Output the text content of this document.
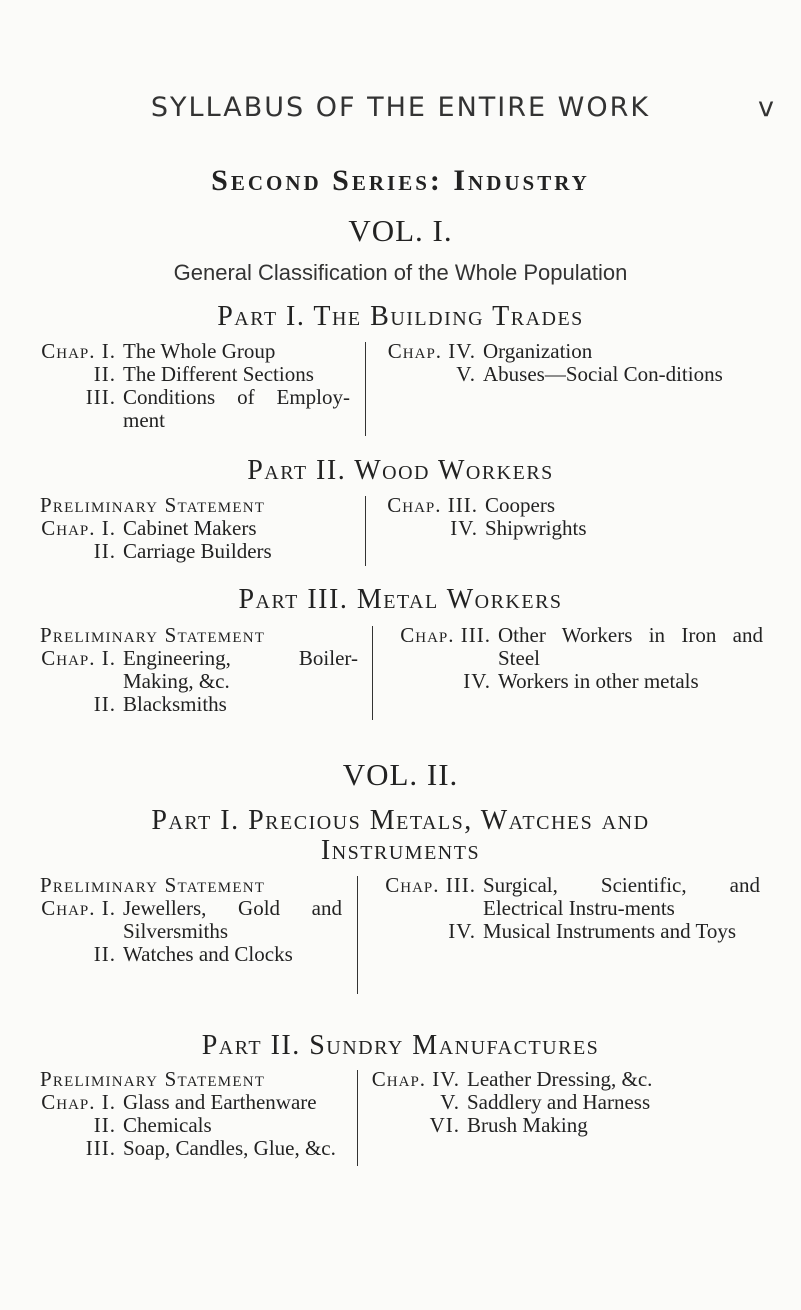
SYLLABUS OF THE ENTIRE WORK	v
Second Series: Industry
VOL. I.
General Classification of the Whole Population
Part I. The Building Trades
Chap. I. The Whole Group
II. The Different Sections
III. Conditions of Employ-ment
Chap. IV. Organization
V. Abuses—Social Con-ditions
Part II. Wood Workers
Preliminary Statement
Chap. I. Cabinet Makers
II. Carriage Builders
Chap. III. Coopers
IV. Shipwrights
Part III. Metal Workers
Preliminary Statement
Chap. I. Engineering, Boiler-Making, &c.
II. Blacksmiths
Chap. III. Other Workers in Iron and Steel
IV. Workers in other metals
VOL. II.
Part I. Precious Metals, Watches and
Instruments
Preliminary Statement
Chap. I. Jewellers, Gold and Silversmiths
II. Watches and Clocks
Chap. III. Surgical, Scientific, and Electrical Instru-ments
IV. Musical Instruments and Toys
Part II. Sundry Manufactures
Preliminary Statement
Chap. I. Glass and Earthenware
II. Chemicals
III. Soap, Candles, Glue, &c.
Chap. IV. Leather Dressing, &c.
V. Saddlery and Harness
VI. Brush Making
